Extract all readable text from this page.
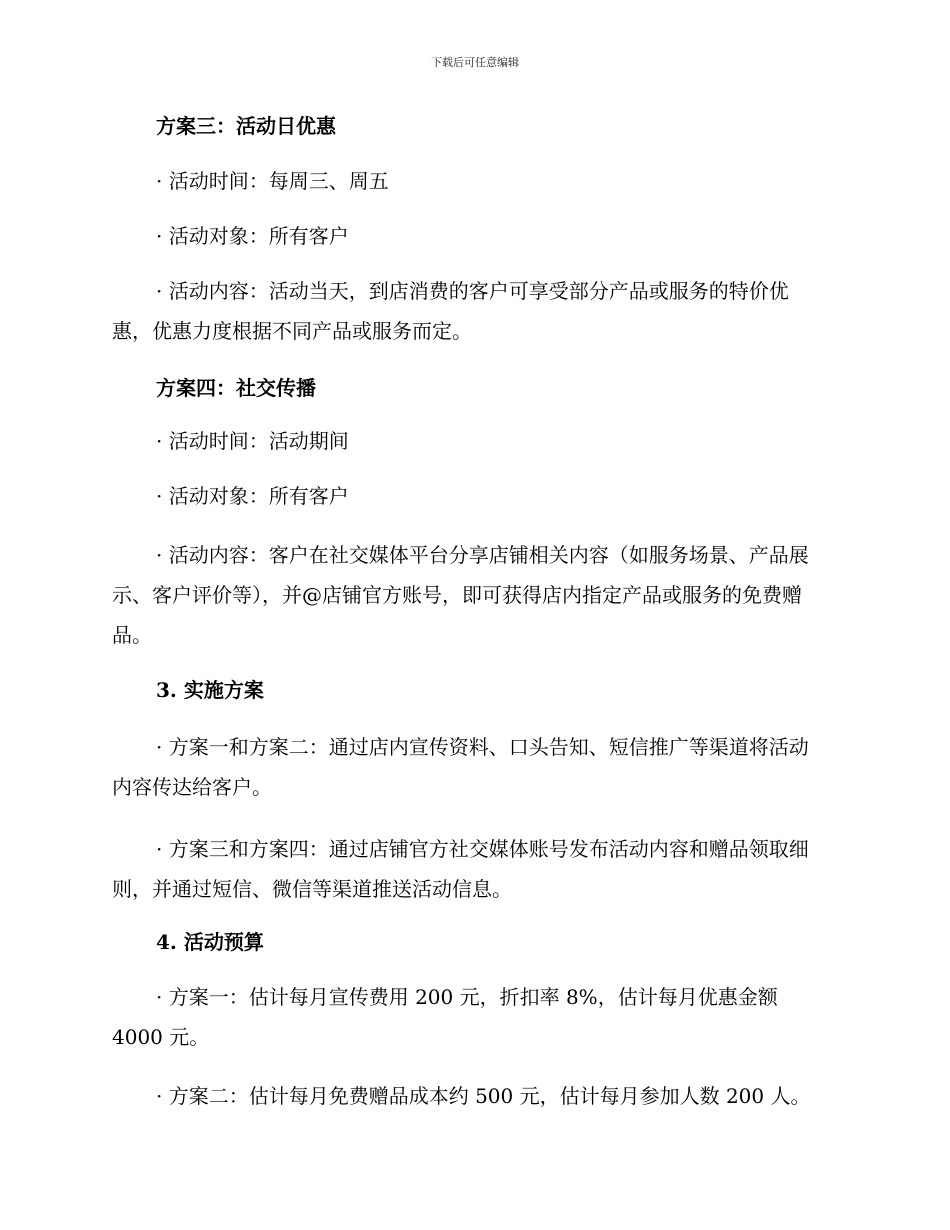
下载后可任意编辑

方案三：活动日优惠

· 活动时间：每周三、周五

· 活动对象：所有客户

· 活动内容：活动当天，到店消费的客户可享受部分产品或服务的特价优惠，优惠力度根据不同产品或服务而定。

方案四：社交传播

· 活动时间：活动期间

· 活动对象：所有客户

· 活动内容：客户在社交媒体平台分享店铺相关内容（如服务场景、产品展示、客户评价等），并@店铺官方账号，即可获得店内指定产品或服务的免费赠品。

3. 实施方案

· 方案一和方案二：通过店内宣传资料、口头告知、短信推广等渠道将活动内容传达给客户。

· 方案三和方案四：通过店铺官方社交媒体账号发布活动内容和赠品领取细则，并通过短信、微信等渠道推送活动信息。

4. 活动预算

· 方案一：估计每月宣传费用 200 元，折扣率 8%，估计每月优惠金额 4000 元。

· 方案二：估计每月免费赠品成本约 500 元，估计每月参加人数 200 人。
